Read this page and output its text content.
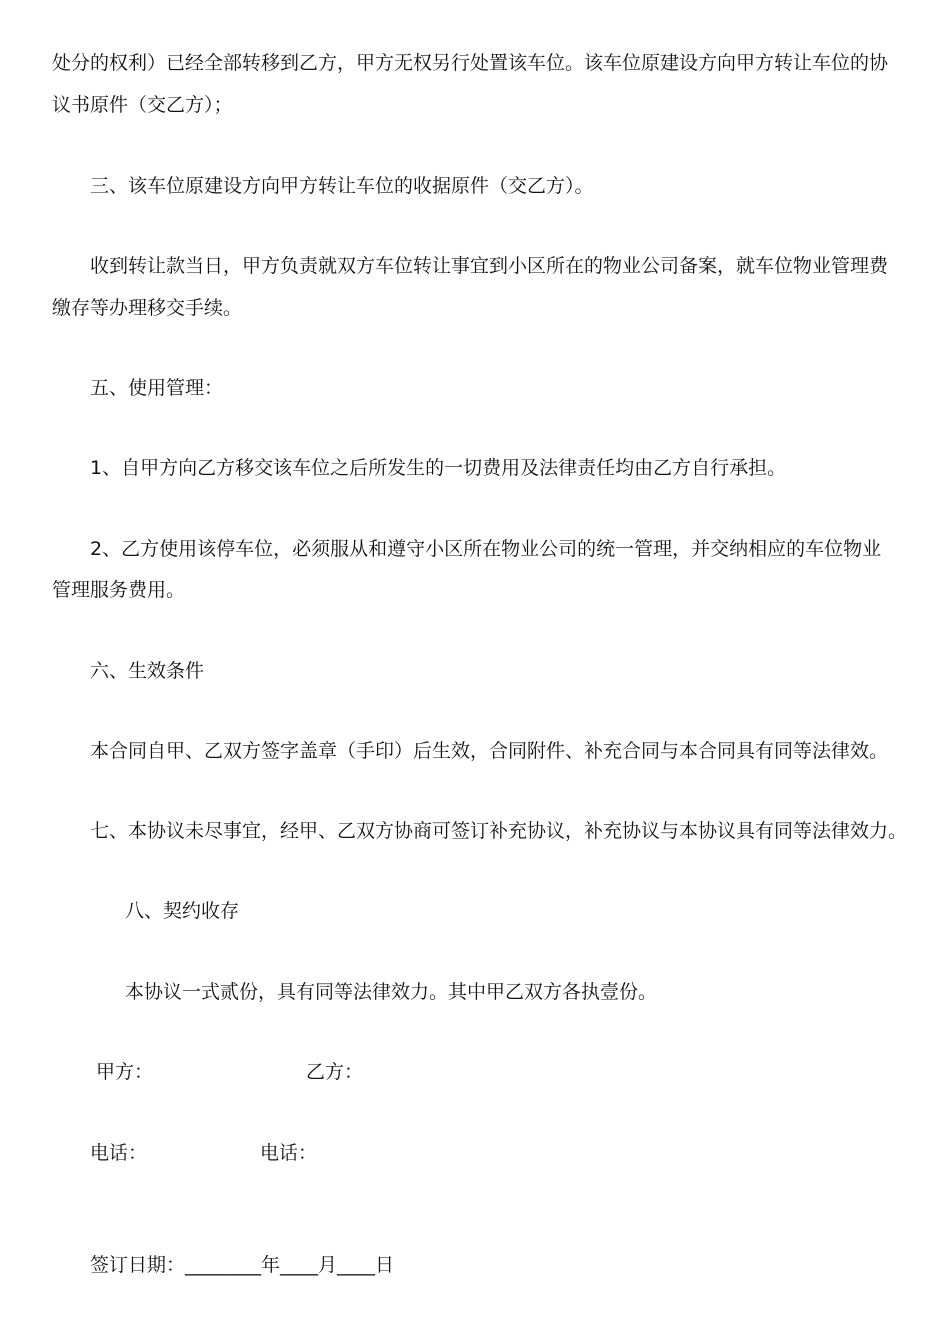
处分的权利）已经全部转移到乙方，甲方无权另行处置该车位。该车位原建设方向甲方转让车位的协
议书原件（交乙方）；
三、该车位原建设方向甲方转让车位的收据原件（交乙方）。
收到转让款当日，甲方负责就双方车位转让事宜到小区所在的物业公司备案，就车位物业管理费
缴存等办理移交手续。
五、使用管理：
1、自甲方向乙方移交该车位之后所发生的一切费用及法律责任均由乙方自行承担。
2、乙方使用该停车位，必须服从和遵守小区所在物业公司的统一管理，并交纳相应的车位物业
管理服务费用。
六、生效条件
本合同自甲、乙双方签字盖章（手印）后生效，合同附件、补充合同与本合同具有同等法律效。
七、本协议未尽事宜，经甲、乙双方协商可签订补充协议，补充协议与本协议具有同等法律效力。
八、契约收存
本协议一式贰份，具有同等法律效力。其中甲乙双方各执壹份。
甲方：	乙方：
电话：	电话：
签订日期：________年____月____日
